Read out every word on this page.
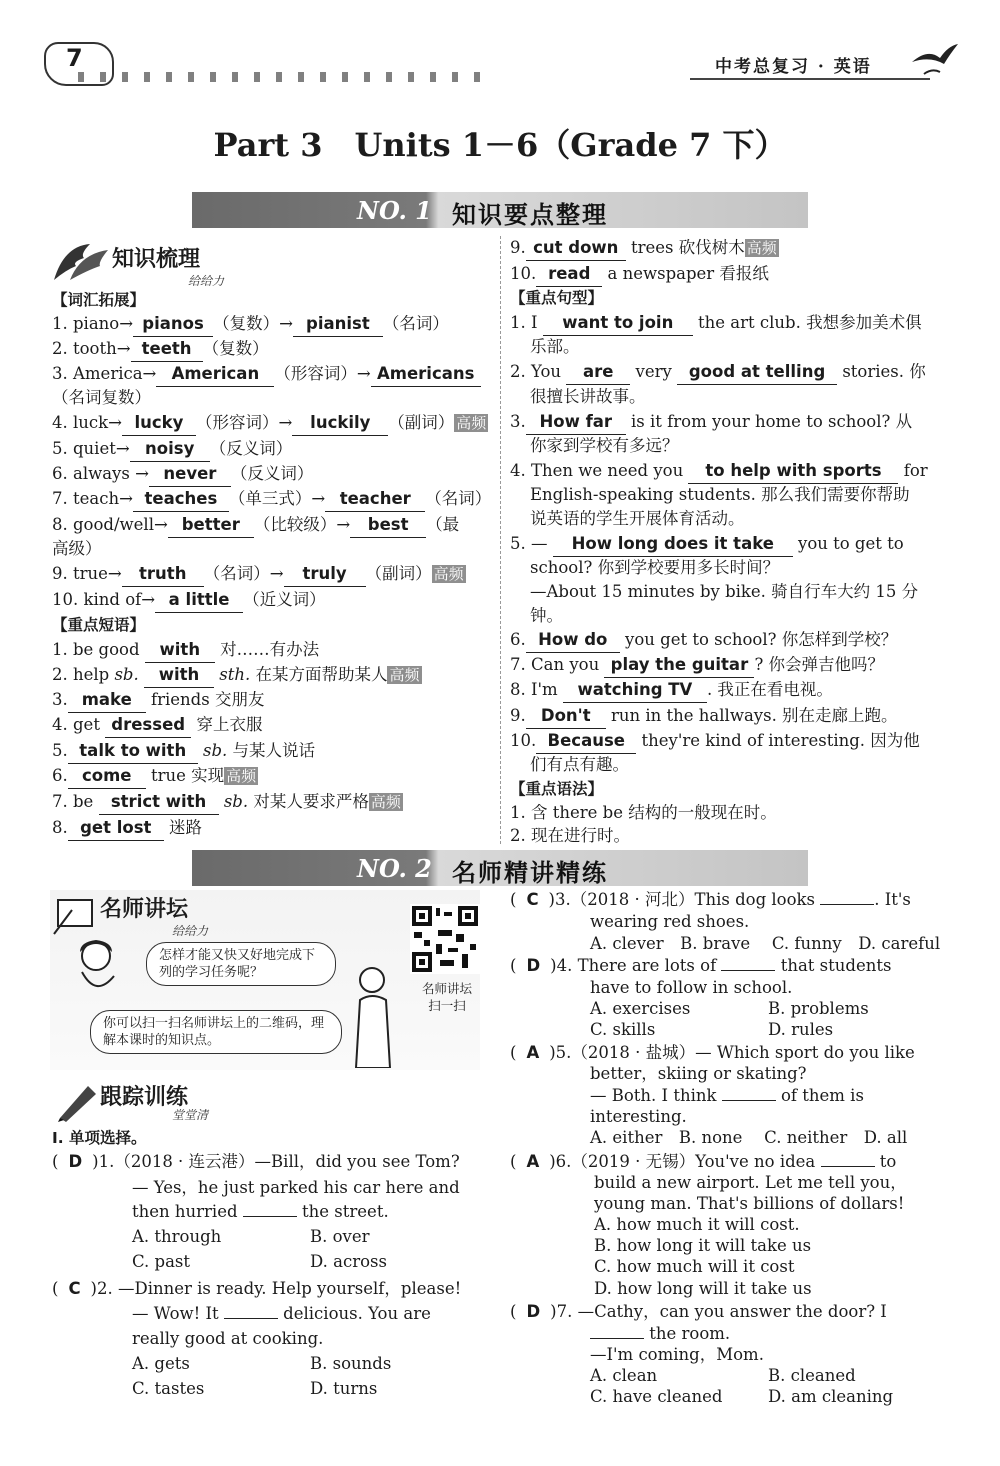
7	中考总复习 · 英语
Part 3　Units 1－6（Grade 7 下）
NO. 1 知识要点整理
知识梳理
给给力
【词汇拓展】
1. piano→ pianos （复数）→ pianist （名词）
2. tooth→ teeth （复数）
3. America→ American （形容词）→ Americans
（名词复数）
4. luck→ lucky （形容词）→ luckily （副词） 高频
5. quiet→ noisy （反义词）
6. always → never （反义词）
7. teach→ teaches （单三式）→ teacher （名词）
8. good/well→ better （比较级）→ best （最
高级）
9. true→ truth （名词）→ truly （副词） 高频
10. kind of→ a little （近义词）
【重点短语】
1. be good with 对……有办法
2. help sb. with sth. 在某方面帮助某人 高频
3. make friends 交朋友
4. get dressed 穿上衣服
5. talk to with sb. 与某人说话
6. come true 实现 高频
7. be strict with sb. 对某人要求严格 高频
8. get lost 迷路
9. cut down trees 砍伐树木 高频
10. read a newspaper 看报纸
【重点句型】
1. I want to join the art club. 我想参加美术俱
乐部。
2. You are very good at telling stories. 你
很擅长讲故事。
3. How far is it from your home to school? 从
你家到学校有多远？
4. Then we need you to help with sports for
English-speaking students. 那么我们需要你帮助
说英语的学生开展体育活动。
5. — How long does it take you to get to
school? 你到学校要用多长时间？
—About 15 minutes by bike. 骑自行车大约 15 分
钟。
6. How do you get to school? 你怎样到学校？
7. Can you play the guitar ? 你会弹吉他吗？
8. I'm watching TV . 我正在看电视。
9. Don't run in the hallways. 别在走廊上跑。
10. Because they're kind of interesting. 因为他
们有点有趣。
【重点语法】
1. 含 there be 结构的一般现在时。
2. 现在进行时。
NO. 2 名师精讲精练
名师讲坛
给给力
怎样才能又快又好地完成下列的学习任务呢？
你可以扫一扫名师讲坛上的二维码，理解本课时的知识点。
名师讲坛
扫一扫
跟踪训练
堂堂清
Ⅰ. 单项选择。
( D )1.（2018 · 连云港）—Bill，did you see Tom?
— Yes，he just parked his car here and
then hurried	the street.
A. through	B. over
C. past	D. across
( C )2. —Dinner is ready. Help yourself，please!
— Wow! It	delicious. You are
really good at cooking.
A. gets	B. sounds
C. tastes	D. turns
( C )3.（2018 · 河北）This dog looks	. It's
wearing red shoes.
A. clever　B. brave　 C. funny　D. careful
( D )4. There are lots of	that students
have to follow in school.
A. exercises	B. problems
C. skills	D. rules
( A )5.（2018 · 盐城）— Which sport do you like
better，skiing or skating?
— Both. I think	of them is
interesting.
A. either　B. none　 C. neither　D. all
( A )6.（2019 · 无锡）You've no idea	to
build a new airport. Let me tell you，
young man. That's billions of dollars!
A. how much it will cost.
B. how long it will take us
C. how much will it cost
D. how long will it take us
( D )7. —Cathy，can you answer the door? I
the room.
—I'm coming，Mom.
A. clean	B. cleaned
C. have cleaned	D. am cleaning
